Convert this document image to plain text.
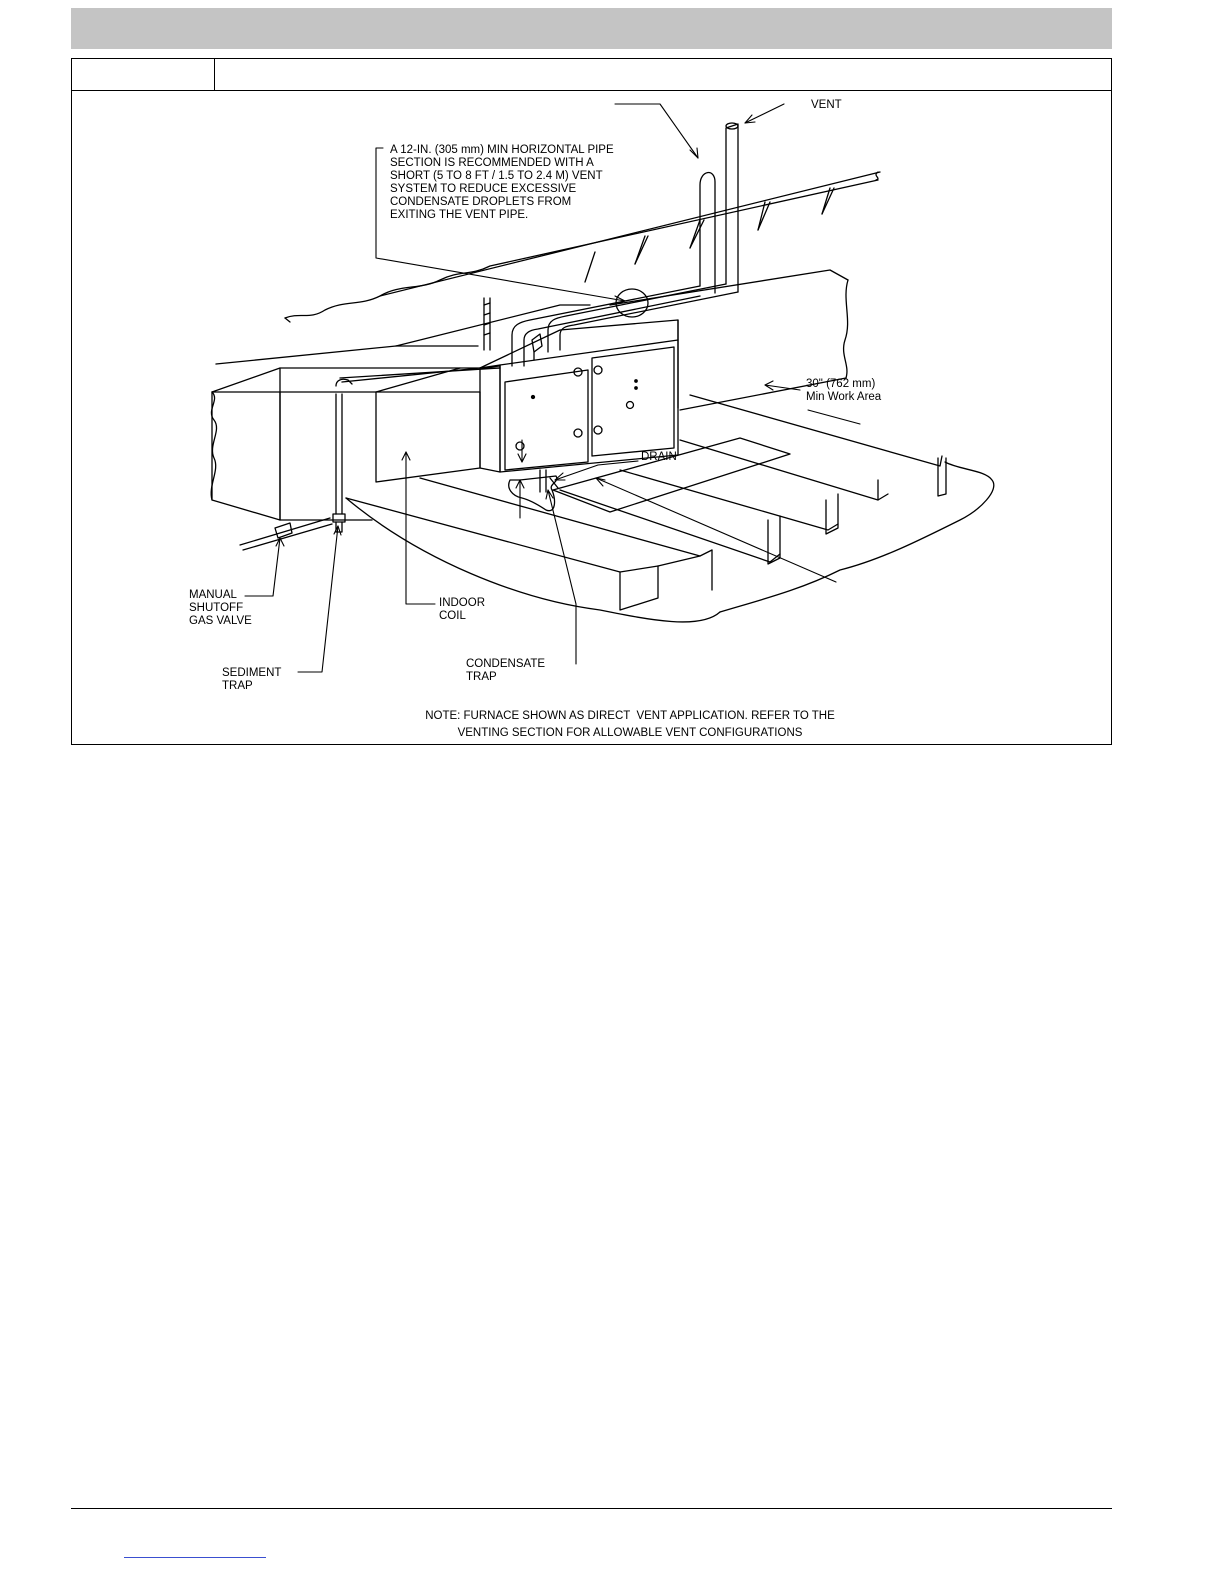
VENT
A 12-IN. (305 mm) MIN HORIZONTAL PIPE
SECTION IS RECOMMENDED WITH A
SHORT (5 TO 8 FT / 1.5 TO 2.4 M) VENT
SYSTEM TO REDUCE EXCESSIVE
CONDENSATE DROPLETS FROM
EXITING THE VENT PIPE.
30" (762 mm)
Min Work Area
DRAIN
MANUAL
SHUTOFF
GAS VALVE
INDOOR
COIL
SEDIMENT
TRAP
CONDENSATE
TRAP
NOTE: FURNACE SHOWN AS DIRECT  VENT APPLICATION. REFER TO THE
VENTING SECTION FOR ALLOWABLE VENT CONFIGURATIONS
